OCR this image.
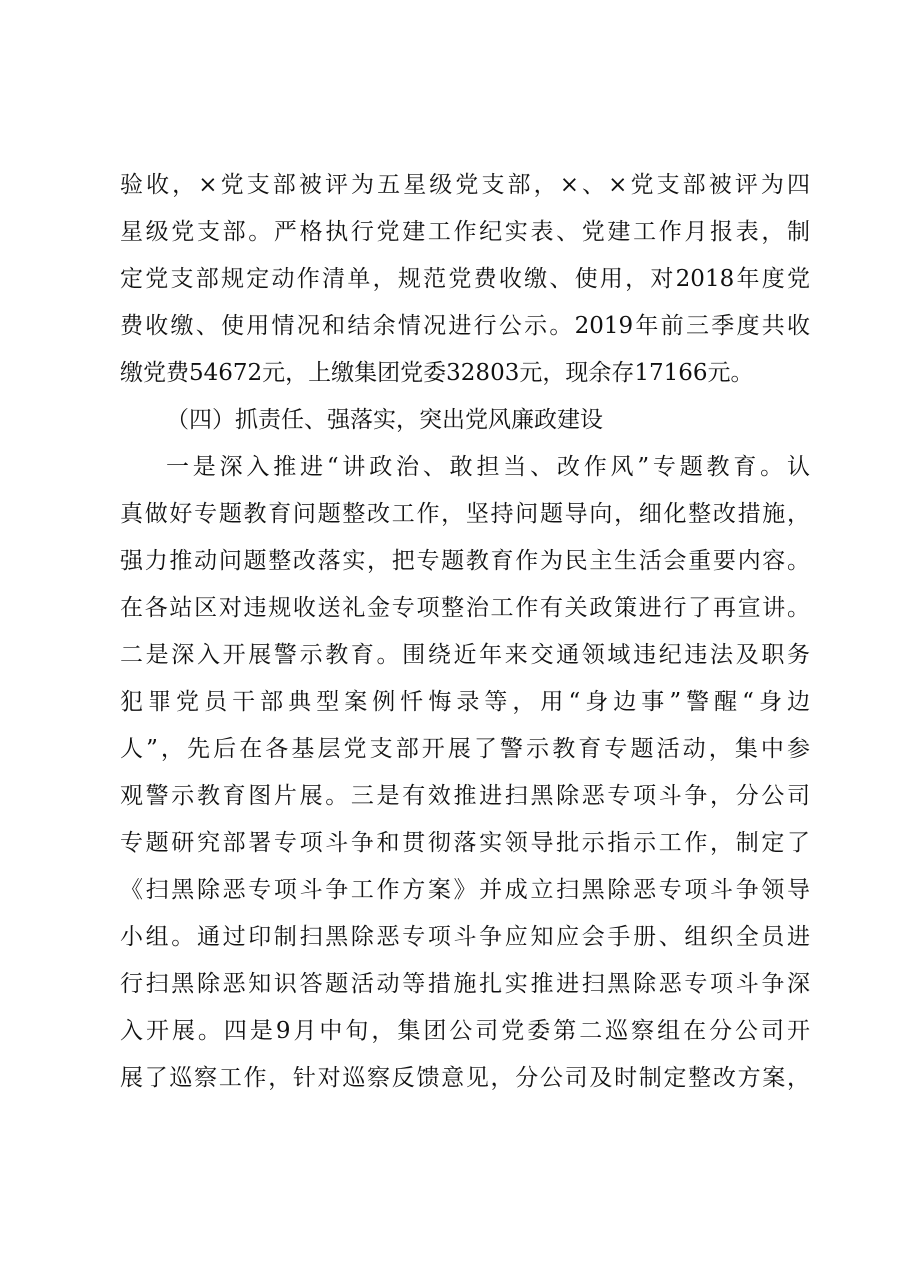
验收，×党支部被评为五星级党支部，×、×党支部被评为四
星级党支部。严格执行党建工作纪实表、党建工作月报表，制
定党支部规定动作清单，规范党费收缴、使用，对2018年度党
费收缴、使用情况和结余情况进行公示。2019年前三季度共收
缴党费54672元，上缴集团党委32803元，现余存17166元。
（四）抓责任、强落实，突出党风廉政建设
一是深入推进“讲政治、敢担当、改作风”专题教育。认
真做好专题教育问题整改工作，坚持问题导向，细化整改措施，
强力推动问题整改落实，把专题教育作为民主生活会重要内容。
在各站区对违规收送礼金专项整治工作有关政策进行了再宣讲。
二是深入开展警示教育。围绕近年来交通领域违纪违法及职务
犯罪党员干部典型案例忏悔录等，用“身边事”警醒“身边
人”，先后在各基层党支部开展了警示教育专题活动，集中参
观警示教育图片展。三是有效推进扫黑除恶专项斗争，分公司
专题研究部署专项斗争和贯彻落实领导批示指示工作，制定了
《扫黑除恶专项斗争工作方案》并成立扫黑除恶专项斗争领导
小组。通过印制扫黑除恶专项斗争应知应会手册、组织全员进
行扫黑除恶知识答题活动等措施扎实推进扫黑除恶专项斗争深
入开展。四是9月中旬，集团公司党委第二巡察组在分公司开
展了巡察工作，针对巡察反馈意见，分公司及时制定整改方案，
